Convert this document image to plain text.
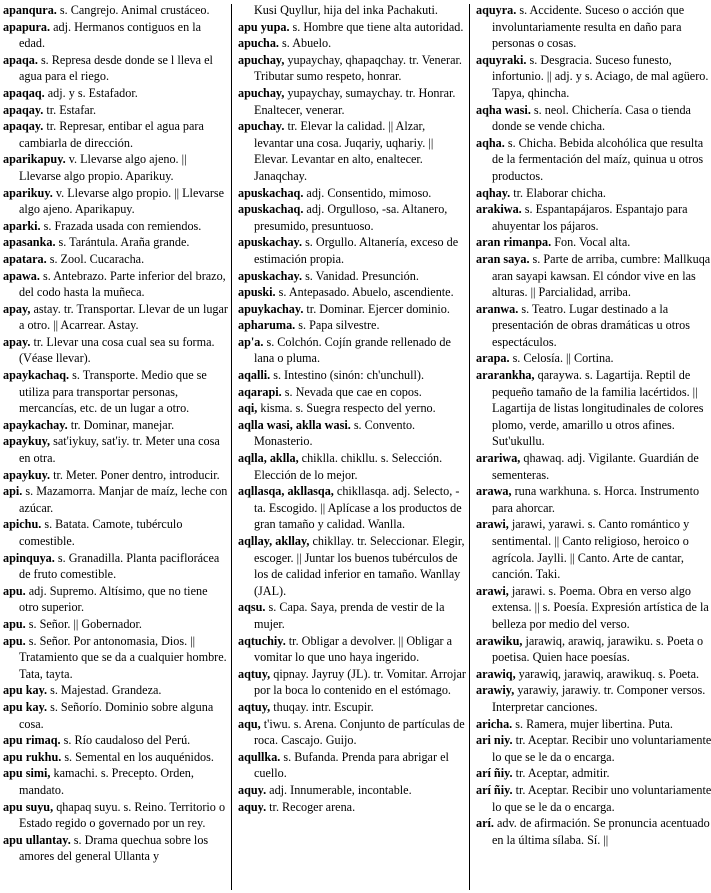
apanqura. s. Cangrejo. Animal crustáceo.

apapura. adj. Hermanos contiguos en la edad.

apaqa. s. Represa desde donde se l lleva el agua para el riego.

apaqaq. adj. y s. Estafador.

apaqay. tr. Estafar.

apaqay. tr. Represar, entibar el agua para cambiarla de dirección.

aparikapuy. v. Llevarse algo ajeno. || Llevarse algo propio. Aparikuy.

aparikuy. v. Llevarse algo propio. || Llevarse algo ajeno. Aparikapuy.

aparki. s. Frazada usada con remiendos.

apasanka. s. Tarántula. Araña grande.

apatara. s. Zool. Cucaracha.

apawa. s. Antebrazo. Parte inferior del brazo, del codo hasta la muñeca.

apay, astay. tr. Transportar. Llevar de un lugar a otro. || Acarrear. Astay.

apay. tr. Llevar una cosa cual sea su forma. (Véase llevar).

apaykachaq. s. Transporte. Medio que se utiliza para transportar personas, mercancías, etc. de un lugar a otro.

apaykachay. tr. Dominar, manejar.

apaykuy, sat'iykuy, sat'iy. tr. Meter una cosa en otra.

apaykuy. tr. Meter. Poner dentro, introducir.

api. s. Mazamorra. Manjar de maíz, leche con azúcar.

apichu. s. Batata. Camote, tubérculo comestible.

apinquya. s. Granadilla. Planta paciflorácea de fruto comestible.

apu. adj. Supremo. Altísimo, que no tiene otro superior.

apu. s. Señor. || Gobernador.

apu. s. Señor. Por antonomasia, Dios. || Tratamiento que se da a cualquier hombre. Tata, tayta.

apu kay. s. Majestad. Grandeza.

apu kay. s. Señorío. Dominio sobre alguna cosa.

apu rimaq. s. Río caudaloso del Perú.

apu rukhu. s. Semental en los auquénidos.

apu simi, kamachi. s. Precepto. Orden, mandato.

apu suyu, qhapaq suyu. s. Reino. Territorio o Estado regido o governado por un rey.

apu ullantay. s. Drama quechua sobre los amores del general Ullanta y

Kusi Quyllur, hija del inka Pachakuti.

apu yupa. s. Hombre que tiene alta autoridad.

apucha. s. Abuelo.

apuchay, yupaychay, qhapaqchay. tr. Venerar. Tributar sumo respeto, honrar.

apuchay, yupaychay, sumaychay. tr. Honrar. Enaltecer, venerar.

apuchay. tr. Elevar la calidad. || Alzar, levantar una cosa. Juqariy, uqhariy. || Elevar. Levantar en alto, enaltecer. Janaqchay.

apuskachaq. adj. Consentido, mimoso.

apuskachaq. adj. Orgulloso, -sa. Altanero, presumido, presuntuoso.

apuskachay. s. Orgullo. Altanería, exceso de estimación propia.

apuskachay. s. Vanidad. Presunción.

apuski. s. Antepasado. Abuelo, ascendiente.

apuykachay. tr. Dominar. Ejercer dominio.

apharuma. s. Papa silvestre.

ap'a. s. Colchón. Cojín grande rellenado de lana o pluma.

aqalli. s. Intestino (sinón: ch'unchull).

aqarapi. s. Nevada que cae en copos.

aqi, kisma. s. Suegra respecto del yerno.

aqlla wasi, aklla wasi. s. Convento. Monasterio.

aqlla, aklla, chiklla. chikllu. s. Selección. Elección de lo mejor.

aqllasqa, akllasqa, chikllasqa. adj. Selecto, -ta. Escogido. || Aplícase a los productos de gran tamaño y calidad. Wanlla.

aqllay, akllay, chikllay. tr. Seleccionar. Elegir, escoger. || Juntar los buenos tubérculos de los de calidad inferior en tamaño. Wanllay (JAL).

aqsu. s. Capa. Saya, prenda de vestir de la mujer.

aqtuchiy. tr. Obligar a devolver. || Obligar a vomitar lo que uno haya ingerido.

aqtuy, qipnay. Jayruy (JL). tr. Vomitar. Arrojar por la boca lo contenido en el estómago.

aqtuy, thuqay. intr. Escupir.

aqu, t'iwu. s. Arena. Conjunto de partículas de roca. Cascajo. Guijo.

aqullka. s. Bufanda. Prenda para abrigar el cuello.

aquy. adj. Innumerable, incontable.

aquy. tr. Recoger arena.

aquyra. s. Accidente. Suceso o acción que involuntariamente resulta en daño para personas o cosas.

aquyraki. s. Desgracia. Suceso funesto, infortunio. || adj. y s. Aciago, de mal agüero. Tapya, qhincha.

aqha wasi. s. neol. Chichería. Casa o tienda donde se vende chicha.

aqha. s. Chicha. Bebida alcohólica que resulta de la fermentación del maíz, quinua u otros productos.

aqhay. tr. Elaborar chicha.

arakiwa. s. Espantapájaros. Espantajo para ahuyentar los pájaros.

aran rimanpa. Fon. Vocal alta.

aran saya. s. Parte de arriba, cumbre: Mallkuqa aran sayapi kawsan. El cóndor vive en las alturas. || Parcialidad, arriba.

aranwa. s. Teatro. Lugar destinado a la presentación de obras dramáticas u otros espectáculos.

arapa. s. Celosía. || Cortina.

ararankha, qaraywa. s. Lagartija. Reptil de pequeño tamaño de la familia lacértidos. || Lagartija de listas longitudinales de colores plomo, verde, amarillo u otros afines. Sut'ukullu.

arariwa, qhawaq. adj. Vigilante. Guardián de sementeras.

arawa, runa warkhuna. s. Horca. Instrumento para ahorcar.

arawi, jarawi, yarawi. s. Canto romántico y sentimental. || Canto religioso, heroico o agrícola. Jaylli. || Canto. Arte de cantar, canción. Taki.

arawi, jarawi. s. Poema. Obra en verso algo extensa. || s. Poesía. Expresión artística de la belleza por medio del verso.

arawiku, jarawiq, arawiq, jarawiku. s. Poeta o poetisa. Quien hace poesías.

arawiq, yarawiq, jarawiq, arawikuq. s. Poeta.

arawiy, yarawiy, jarawiy. tr. Componer versos. Interpretar canciones.

aricha. s. Ramera, mujer libertina. Puta.

ari niy. tr. Aceptar. Recibir uno voluntariamente lo que se le da o encarga.

arí ñiy. tr. Aceptar, admitir.

arí ñiy. tr. Aceptar. Recibir uno voluntariamente lo que se le da o encarga.

arí. adv. de afirmación. Se pronuncia acentuado en la última sílaba. Sí. ||
